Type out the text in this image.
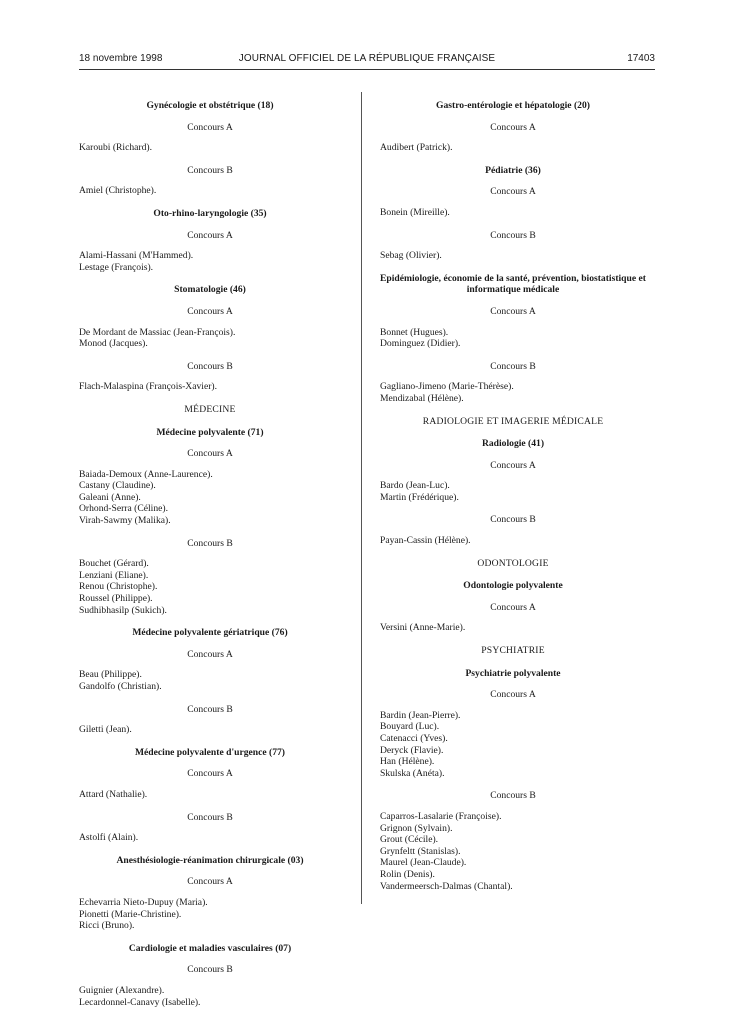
18 novembre 1998	JOURNAL OFFICIEL DE LA RÉPUBLIQUE FRANÇAISE	17403
Gynécologie et obstétrique (18)
Concours A
Karoubi (Richard).
Concours B
Amiel (Christophe).
Oto-rhino-laryngologie (35)
Concours A
Alami-Hassani (M'Hammed).
Lestage (François).
Stomatologie (46)
Concours A
De Mordant de Massiac (Jean-François).
Monod (Jacques).
Concours B
Flach-Malaspina (François-Xavier).
MÉDECINE
Médecine polyvalente (71)
Concours A
Baiada-Demoux (Anne-Laurence).
Castany (Claudine).
Galeani (Anne).
Orhond-Serra (Céline).
Virah-Sawmy (Malika).
Concours B
Bouchet (Gérard).
Lenziani (Eliane).
Renou (Christophe).
Roussel (Philippe).
Sudhibhasilp (Sukich).
Médecine polyvalente gériatrique (76)
Concours A
Beau (Philippe).
Gandolfo (Christian).
Concours B
Giletti (Jean).
Médecine polyvalente d'urgence (77)
Concours A
Attard (Nathalie).
Concours B
Astolfi (Alain).
Anesthésiologie-réanimation chirurgicale (03)
Concours A
Echevarria Nieto-Dupuy (Maria).
Pionetti (Marie-Christine).
Ricci (Bruno).
Cardiologie et maladies vasculaires (07)
Concours B
Guignier (Alexandre).
Lecardonnel-Canavy (Isabelle).
Gastro-entérologie et hépatologie (20)
Concours A
Audibert (Patrick).
Pédiatrie (36)
Concours A
Bonein (Mireille).
Concours B
Sebag (Olivier).
Epidémiologie, économie de la santé, prévention, biostatistique et informatique médicale
Concours A
Bonnet (Hugues).
Dominguez (Didier).
Concours B
Gagliano-Jimeno (Marie-Thérèse).
Mendizabal (Hélène).
RADIOLOGIE ET IMAGERIE MÉDICALE
Radiologie (41)
Concours A
Bardo (Jean-Luc).
Martin (Frédérique).
Concours B
Payan-Cassin (Hélène).
ODONTOLOGIE
Odontologie polyvalente
Concours A
Versini (Anne-Marie).
PSYCHIATRIE
Psychiatrie polyvalente
Concours A
Bardin (Jean-Pierre).
Bouyard (Luc).
Catenacci (Yves).
Deryck (Flavie).
Han (Hélène).
Skulska (Anéta).
Concours B
Caparros-Lasalarie (Françoise).
Grignon (Sylvain).
Grout (Cécile).
Grynfeltt (Stanislas).
Maurel (Jean-Claude).
Rolin (Denis).
Vandermeersch-Dalmas (Chantal).
